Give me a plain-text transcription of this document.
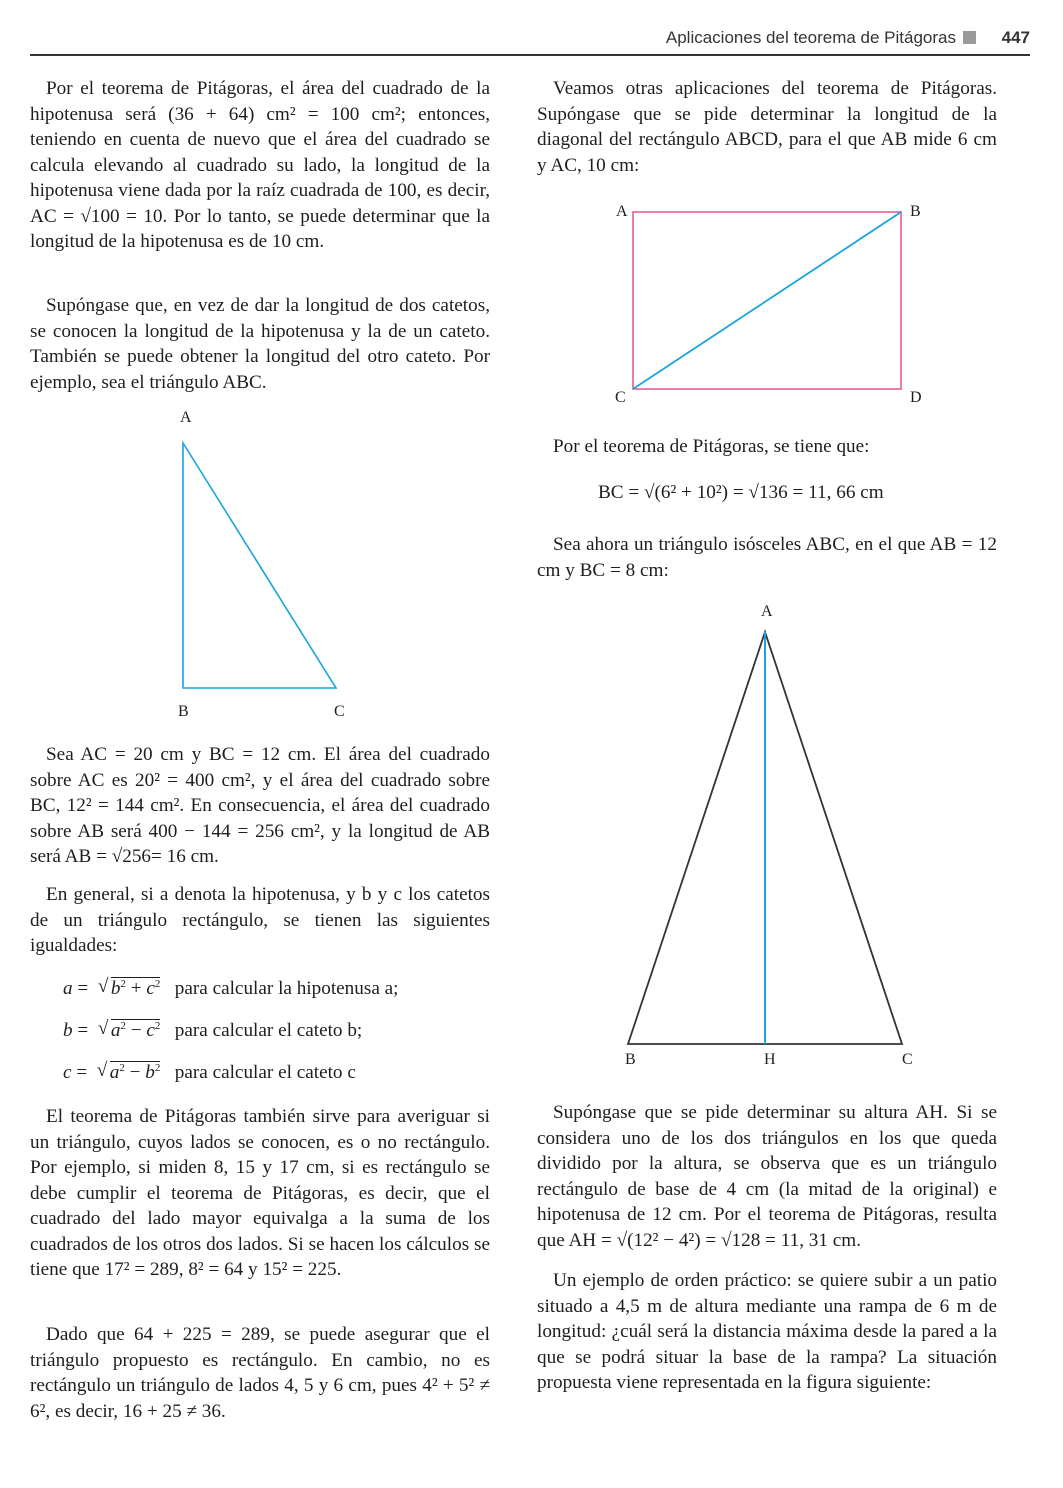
Aplicaciones del teorema de Pitágoras	447

Por el teorema de Pitágoras, el área del cuadrado de la hipotenusa será (36 + 64) cm² = 100 cm²; entonces, teniendo en cuenta de nuevo que el área del cuadrado se calcula elevando al cuadrado su lado, la longitud de la hipotenusa viene dada por la raíz cuadrada de 100, es decir, AC = √100 = 10. Por lo tanto, se puede determinar que la longitud de la hipotenusa es de 10 cm.

Supóngase que, en vez de dar la longitud de dos catetos, se conocen la longitud de la hipotenusa y la de un cateto. También se puede obtener la longitud del otro cateto. Por ejemplo, sea el triángulo ABC.

A
B	C

Sea AC = 20 cm y BC = 12 cm. El área del cuadrado sobre AC es 20² = 400 cm², y el área del cuadrado sobre BC, 12² = 144 cm². En consecuencia, el área del cuadrado sobre AB será 400 − 144 = 256 cm², y la longitud de AB será AB = √256= 16 cm.

En general, si a denota la hipotenusa, y b y c los catetos de un triángulo rectángulo, se tienen las siguientes igualdades:

a =  √ $b^2 + c^2$ para calcular la hipotenusa a;
b =  √ $a^2 - c^2$ para calcular el cateto b;
c =  √ $a^2 - b^2$ para calcular el cateto c

El teorema de Pitágoras también sirve para averiguar si un triángulo, cuyos lados se conocen, es o no rectángulo. Por ejemplo, si miden 8, 15 y 17 cm, si es rectángulo se debe cumplir el teorema de Pitágoras, es decir, que el cuadrado del lado mayor equivalga a la suma de los cuadrados de los otros dos lados. Si se hacen los cálculos se tiene que 17² = 289, 8² = 64 y 15² = 225.

Dado que 64 + 225 = 289, se puede asegurar que el triángulo propuesto es rectángulo. En cambio, no es rectángulo un triángulo de lados 4, 5 y 6 cm, pues 4² + 5² ≠ 6², es decir, 16 + 25 ≠ 36.

Veamos otras aplicaciones del teorema de Pitágoras. Supóngase que se pide determinar la longitud de la diagonal del rectángulo ABCD, para el que AB mide 6 cm y AC, 10 cm:

A	B
C	D

Por el teorema de Pitágoras, se tiene que:

BC = √(6² + 10²) = √136 = 11, 66 cm

Sea ahora un triángulo isósceles ABC, en el que AB = 12 cm y BC = 8 cm:

A
B	H	C

Supóngase que se pide determinar su altura AH. Si se considera uno de los dos triángulos en los que queda dividido por la altura, se observa que es un triángulo rectángulo de base de 4 cm (la mitad de la original) e hipotenusa de 12 cm. Por el teorema de Pitágoras, resulta que AH = √(12² − 4²) = √128 = 11, 31 cm.

Un ejemplo de orden práctico: se quiere subir a un patio situado a 4,5 m de altura mediante una rampa de 6 m de longitud: ¿cuál será la distancia máxima desde la pared a la que se podrá situar la base de la rampa? La situación propuesta viene representada en la figura siguiente:
